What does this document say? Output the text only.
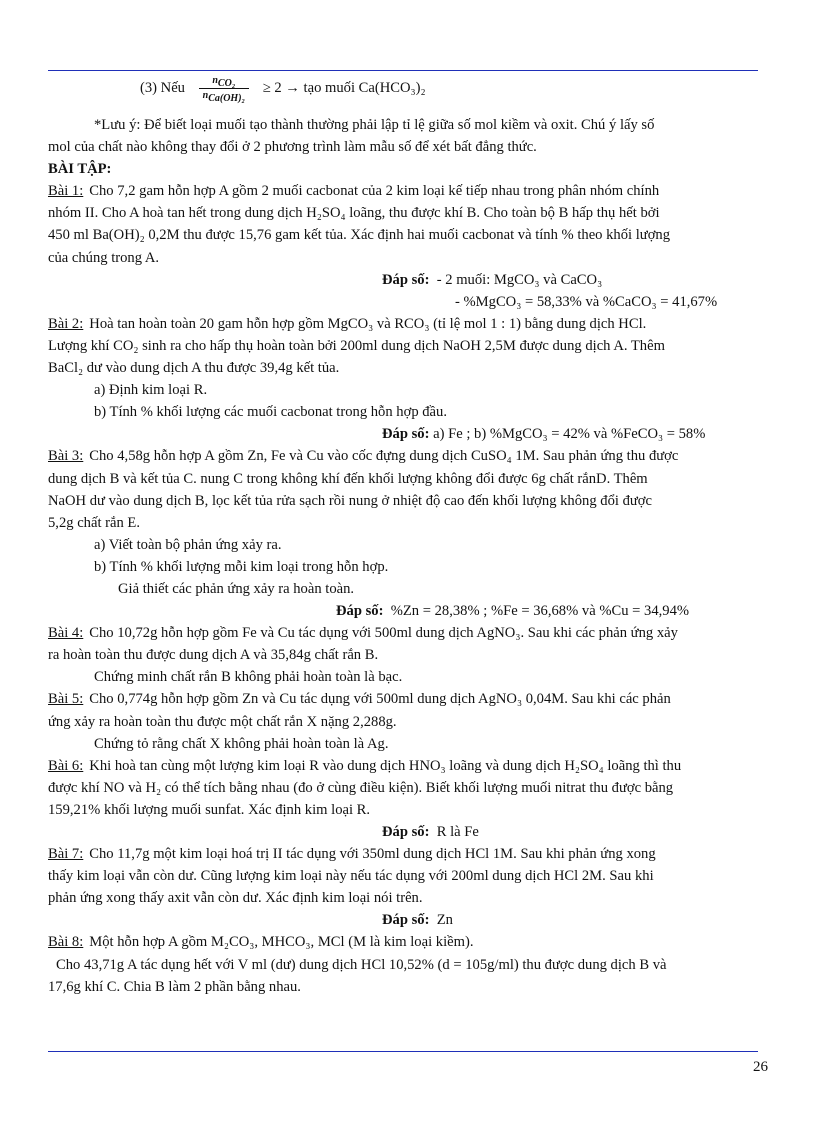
(3) Nếu $\frac{n_{CO_2}}{n_{Ca(OH)_2}} \ge 2$ → tạo muối Ca(HCO₃)₂
*Lưu ý: Để biết loại muối tạo thành thường phải lập tỉ lệ giữa số mol kiềm và oxit. Chú ý lấy số
mol của chất nào không thay đổi ở 2 phương trình làm mẫu số để xét bất đẳng thức.
BÀI TẬP:
Bài 1: Cho 7,2 gam hỗn hợp A gồm 2 muối cacbonat của 2 kim loại kế tiếp nhau trong phân nhóm chính
nhóm II. Cho A hoà tan hết trong dung dịch H₂SO₄ loãng, thu được khí B. Cho toàn bộ B hấp thụ hết bởi
450 ml Ba(OH)₂ 0,2M thu được 15,76 gam kết tủa. Xác định hai muối cacbonat và tính % theo khối lượng
của chúng trong A.
Đáp số: - 2 muối: MgCO₃ và CaCO₃
- %MgCO₃ = 58,33% và %CaCO₃ = 41,67%
Bài 2: Hoà tan hoàn toàn 20 gam hỗn hợp gồm MgCO₃ và RCO₃ (tỉ lệ mol 1 : 1) bằng dung dịch HCl.
Lượng khí CO₂ sinh ra cho hấp thụ hoàn toàn bởi 200ml dung dịch NaOH 2,5M được dung dịch A. Thêm
BaCl₂ dư vào dung dịch A thu được 39,4g kết tủa.
a) Định kim loại R.
b) Tính % khối lượng các muối cacbonat trong hỗn hợp đầu.
Đáp số: a) Fe ; b) %MgCO₃ = 42% và %FeCO₃ = 58%
Bài 3: Cho 4,58g hỗn hợp A gồm Zn, Fe và Cu vào cốc đựng dung dịch CuSO₄ 1M. Sau phản ứng thu được
dung dịch B và kết tủa C. nung C trong không khí đến khối lượng không đổi được 6g chất rắnD. Thêm
NaOH dư vào dung dịch B, lọc kết tủa rửa sạch rồi nung ở nhiệt độ cao đến khối lượng không đổi được
5,2g chất rắn E.
a) Viết toàn bộ phản ứng xảy ra.
b) Tính % khối lượng mỗi kim loại trong hỗn hợp.
Giả thiết các phản ứng xảy ra hoàn toàn.
Đáp số: %Zn = 28,38% ; %Fe = 36,68% và %Cu = 34,94%
Bài 4: Cho 10,72g hỗn hợp gồm Fe và Cu tác dụng với 500ml dung dịch AgNO₃. Sau khi các phản ứng xảy
ra hoàn toàn thu được dung dịch A và 35,84g chất rắn B.
Chứng minh chất rắn B không phải hoàn toàn là bạc.
Bài 5: Cho 0,774g hỗn hợp gồm Zn và Cu tác dụng với 500ml dung dịch AgNO₃ 0,04M. Sau khi các phản
ứng xảy ra hoàn toàn thu được một chất rắn X nặng 2,288g.
Chứng tỏ rằng chất X không phải hoàn toàn là Ag.
Bài 6: Khi hoà tan cùng một lượng kim loại R vào dung dịch HNO₃ loãng và dung dịch H₂SO₄ loãng thì thu
được khí NO và H₂ có thể tích bằng nhau (đo ở cùng điều kiện). Biết khối lượng muối nitrat thu được bằng
159,21% khối lượng muối sunfat. Xác định kim loại R.
Đáp số: R là Fe
Bài 7: Cho 11,7g một kim loại hoá trị II tác dụng với 350ml dung dịch HCl 1M. Sau khi phản ứng xong
thấy kim loại vẫn còn dư. Cũng lượng kim loại này nếu tác dụng với 200ml dung dịch HCl 2M. Sau khi
phản ứng xong thấy axit vẫn còn dư. Xác định kim loại nói trên.
Đáp số: Zn
Bài 8: Một hỗn hợp A gồm M₂CO₃, MHCO₃, MCl (M là kim loại kiềm).
Cho 43,71g A tác dụng hết với V ml (dư) dung dịch HCl 10,52% (d = 105g/ml) thu được dung dịch B và
17,6g khí C. Chia B làm 2 phần bằng nhau.
26
